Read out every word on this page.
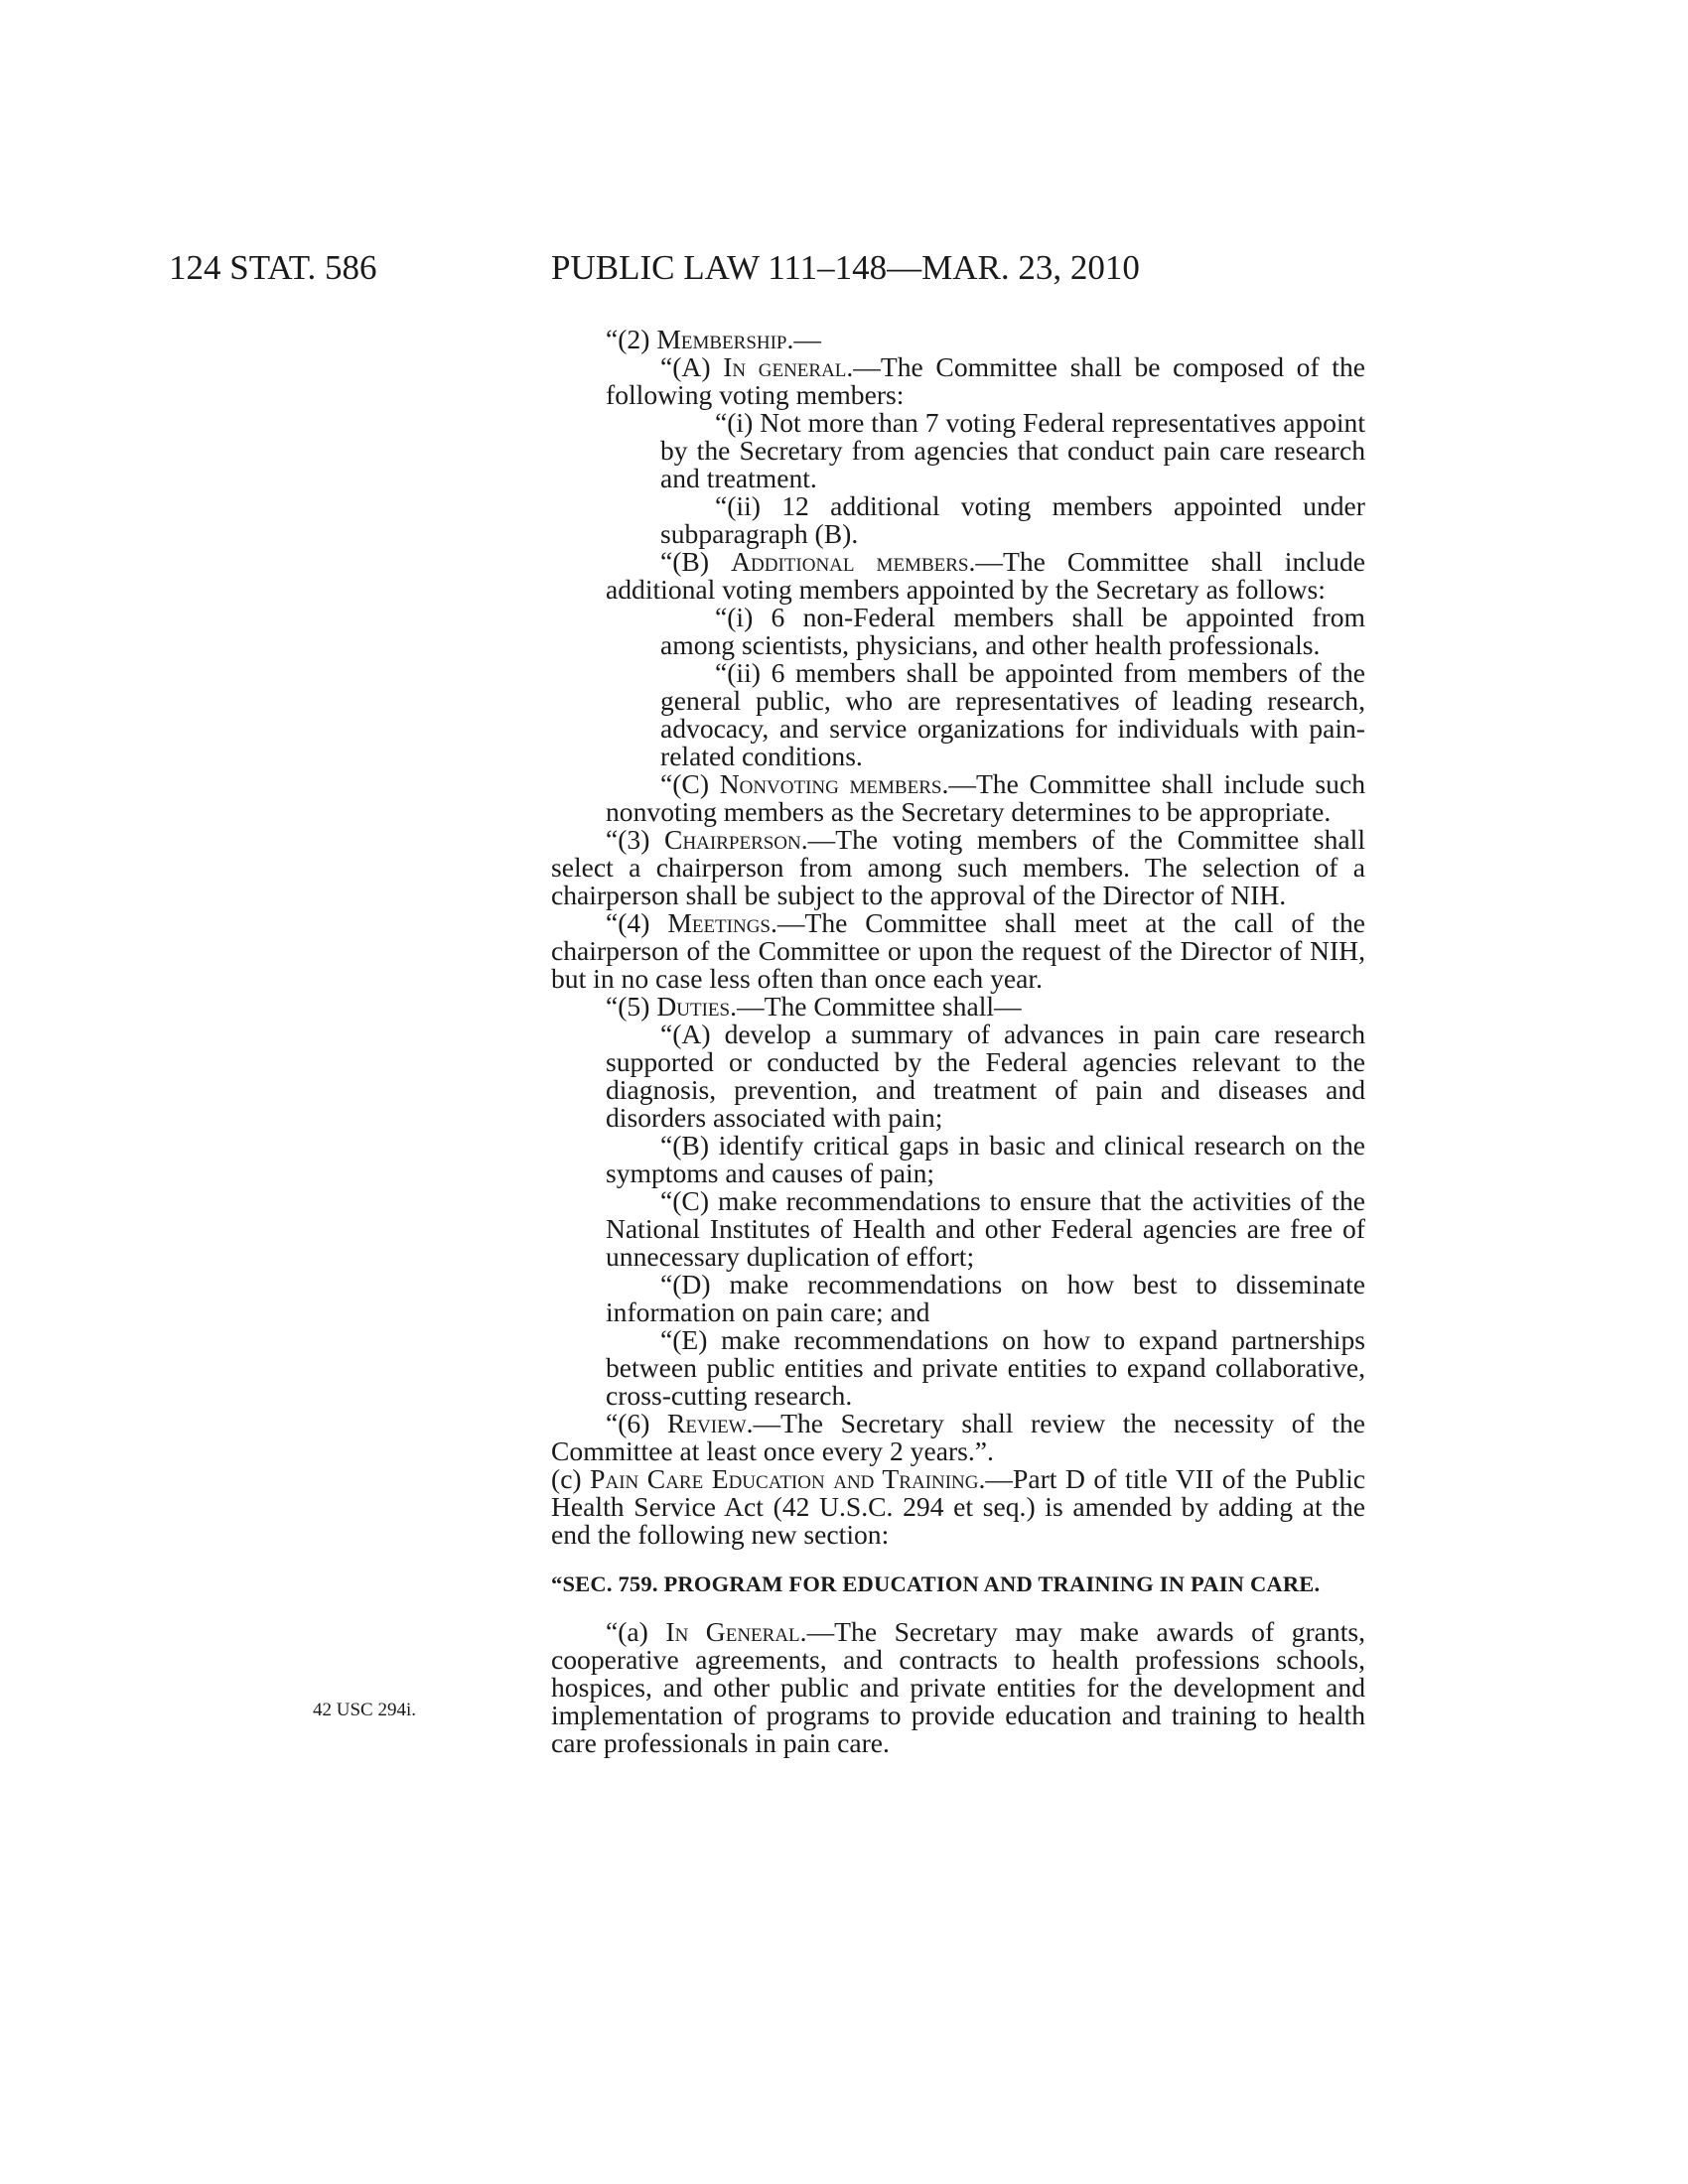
124 STAT. 586	PUBLIC LAW 111–148—MAR. 23, 2010
42 USC 294i.

“(2) Membership.—

“(A) In general.—The Committee shall be composed of the following voting members:

“(i) Not more than 7 voting Federal representatives appoint by the Secretary from agencies that conduct pain care research and treatment.

“(ii) 12 additional voting members appointed under subparagraph (B).

“(B) Additional members.—The Committee shall include additional voting members appointed by the Secretary as follows:

“(i) 6 non-Federal members shall be appointed from among scientists, physicians, and other health professionals.

“(ii) 6 members shall be appointed from members of the general public, who are representatives of leading research, advocacy, and service organizations for individuals with pain-related conditions.

“(C) Nonvoting members.—The Committee shall include such nonvoting members as the Secretary determines to be appropriate.

“(3) Chairperson.—The voting members of the Committee shall select a chairperson from among such members. The selection of a chairperson shall be subject to the approval of the Director of NIH.

“(4) Meetings.—The Committee shall meet at the call of the chairperson of the Committee or upon the request of the Director of NIH, but in no case less often than once each year.

“(5) Duties.—The Committee shall—

“(A) develop a summary of advances in pain care research supported or conducted by the Federal agencies relevant to the diagnosis, prevention, and treatment of pain and diseases and disorders associated with pain;

“(B) identify critical gaps in basic and clinical research on the symptoms and causes of pain;

“(C) make recommendations to ensure that the activities of the National Institutes of Health and other Federal agencies are free of unnecessary duplication of effort;

“(D) make recommendations on how best to disseminate information on pain care; and

“(E) make recommendations on how to expand partnerships between public entities and private entities to expand collaborative, cross-cutting research.

“(6) Review.—The Secretary shall review the necessity of the Committee at least once every 2 years.”.

(c) Pain Care Education and Training.—Part D of title VII of the Public Health Service Act (42 U.S.C. 294 et seq.) is amended by adding at the end the following new section:

“SEC. 759. PROGRAM FOR EDUCATION AND TRAINING IN PAIN CARE.

“(a) In General.—The Secretary may make awards of grants, cooperative agreements, and contracts to health professions schools, hospices, and other public and private entities for the development and implementation of programs to provide education and training to health care professionals in pain care.
